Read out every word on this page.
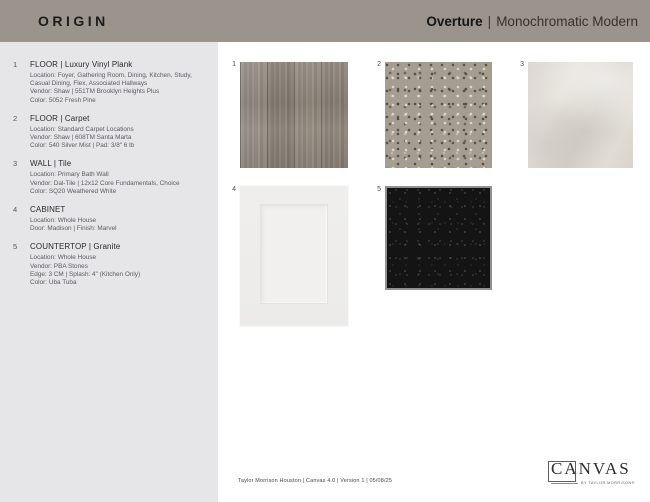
ORIGIN	Overture | Monochromatic Modern
1	FLOOR | Luxury Vinyl Plank
Location: Foyer, Gathering Room, Dining, Kitchen, Study, Casual Dining, Flex, Associated Hallways
Vendor: Shaw | 551TM Brooklyn Heights Plus
Color: 5052 Fresh Pine
2	FLOOR | Carpet
Location: Standard Carpet Locations
Vendor: Shaw | 608TM Santa Marta
Color: 540 Silver Mist | Pad: 3/8" 6 lb
3	WALL | Tile
Location: Primary Bath Wall
Vendor: Dal-Tile | 12x12 Core Fundamentals, Choice
Color: SQ20 Weathered White
4	CABINET
Location: Whole House
Door: Madison | Finish: Marvel
5	COUNTERTOP | Granite
Location: Whole House
Vendor: PBA Stones
Edge: 3 CM | Splash: 4" (Kitchen Only)
Color: Uba Tuba
1	2	3
4	5
Taylor Morrison Houston | Canvas 4.0 | Version 1 | 05/08/25
CANVAS
BY TAYLOR MORRISON®
